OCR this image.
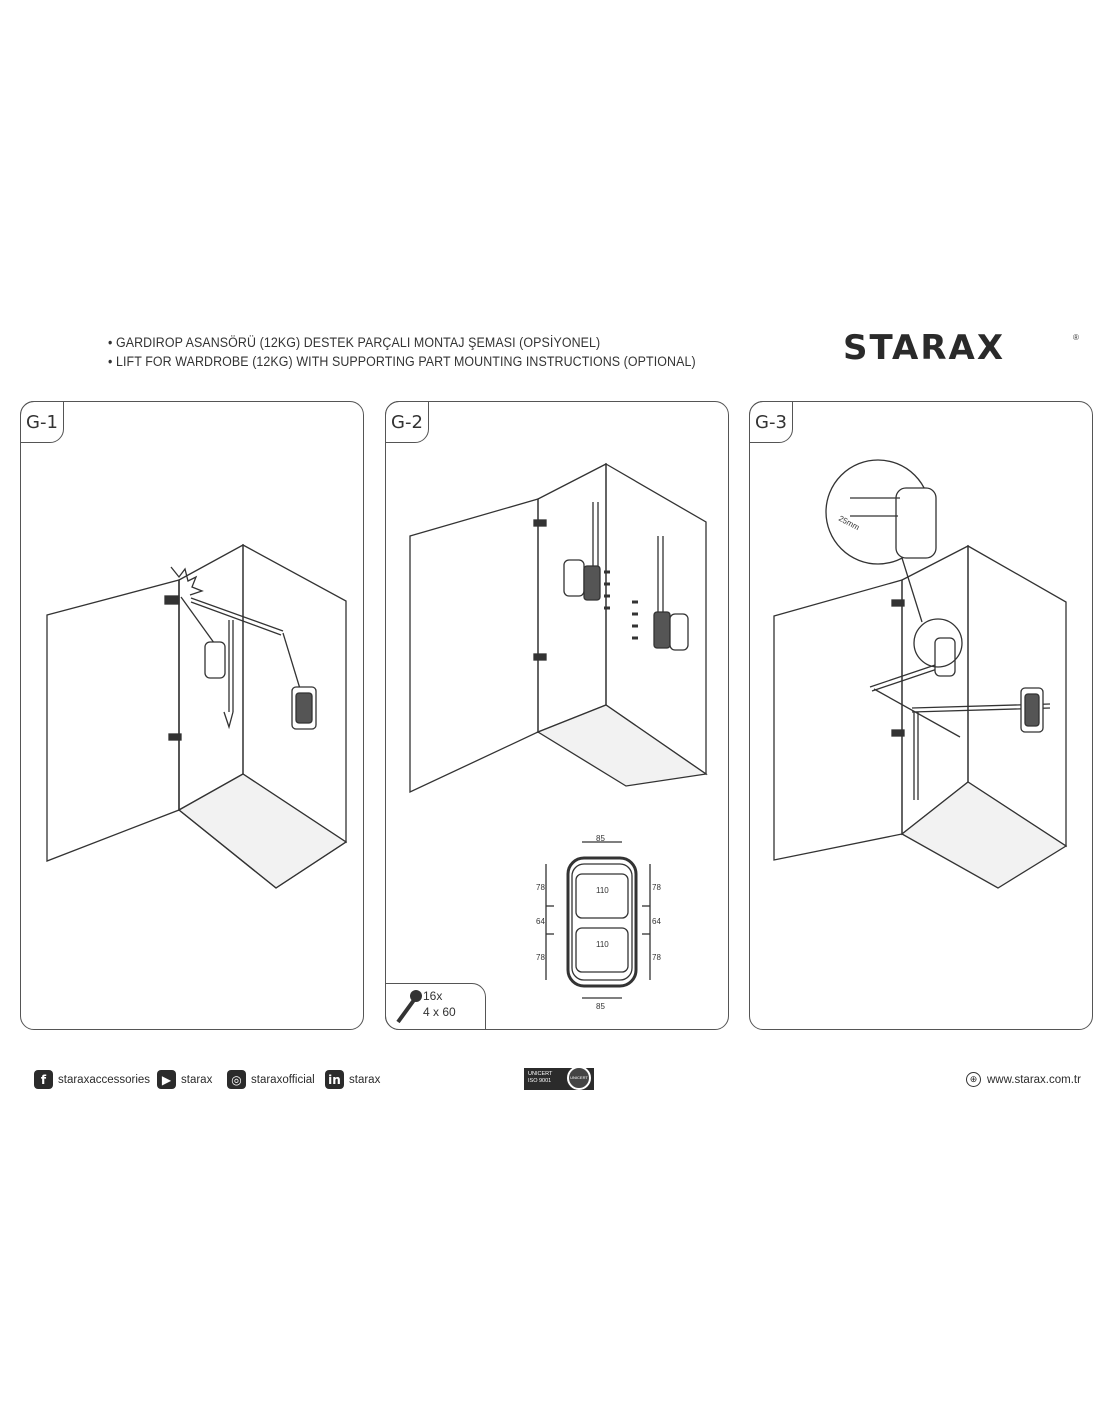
• GARDIROP ASANSÖRÜ (12KG) DESTEK PARÇALI MONTAJ ŞEMASI (OPSİYONEL)
• LIFT FOR WARDROBE (12KG) WITH SUPPORTING PART MOUNTING INSTRUCTIONS (OPTIONAL)	STARAX	®
G-1	G-2
85
110
110
85
78
64
78
78
64
78
16x
4 x 60
G-3
25mm
f	staraxaccessories ▶ starax	◎ staraxofficial in starax	UNICERT
ISO 9001
UNICERT	⊕ www.starax.com.tr
